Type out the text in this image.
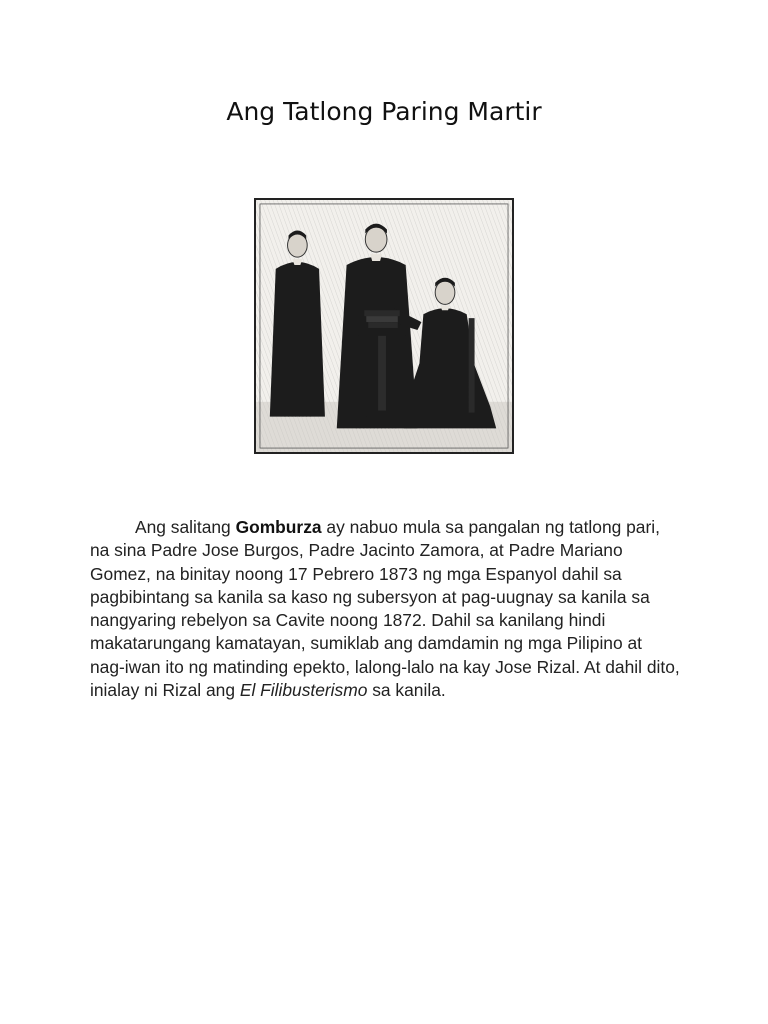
Ang Tatlong Paring Martir

Ang salitang Gomburza ay nabuo mula sa pangalan ng tatlong pari, na sina Padre Jose Burgos, Padre Jacinto Zamora, at Padre Mariano Gomez, na binitay noong 17 Pebrero 1873 ng mga Espanyol dahil sa pagbibintang sa kanila sa kaso ng subersyon at pag-uugnay sa kanila sa nangyaring rebelyon sa Cavite noong 1872. Dahil sa kanilang hindi makatarungang kamatayan, sumiklab ang damdamin ng mga Pilipino at nag-iwan ito ng matinding epekto, lalong-lalo na kay Jose Rizal. At dahil dito, inialay ni Rizal ang El Filibusterismo sa kanila.
